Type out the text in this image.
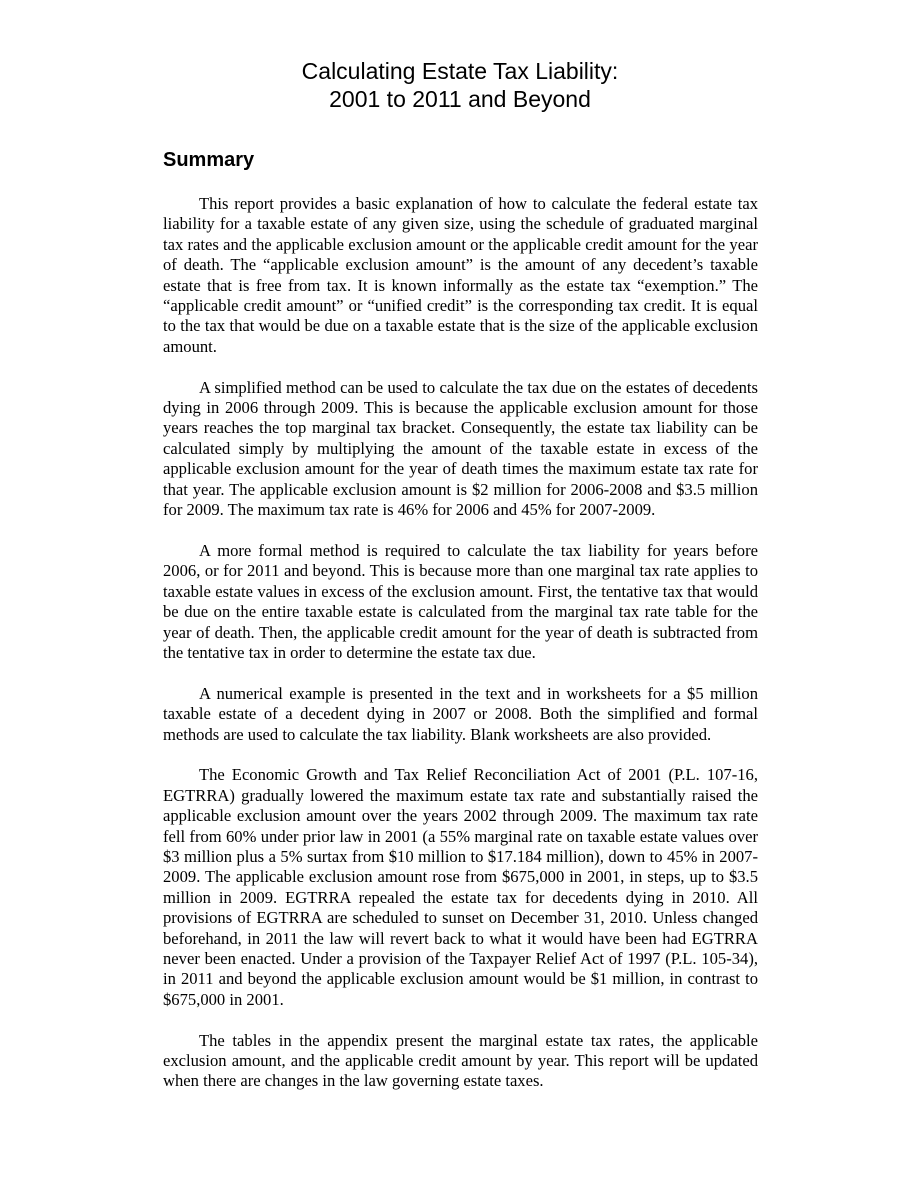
Calculating Estate Tax Liability:
2001 to 2011 and Beyond
Summary

This report provides a basic explanation of how to calculate the federal estate tax liability for a taxable estate of any given size, using the schedule of graduated marginal tax rates and the applicable exclusion amount or the applicable credit amount for the year of death. The “applicable exclusion amount” is the amount of any decedent’s taxable estate that is free from tax. It is known informally as the estate tax “exemption.” The “applicable credit amount” or “unified credit” is the corresponding tax credit. It is equal to the tax that would be due on a taxable estate that is the size of the applicable exclusion amount.

A simplified method can be used to calculate the tax due on the estates of decedents dying in 2006 through 2009. This is because the applicable exclusion amount for those years reaches the top marginal tax bracket. Consequently, the estate tax liability can be calculated simply by multiplying the amount of the taxable estate in excess of the applicable exclusion amount for the year of death times the maximum estate tax rate for that year. The applicable exclusion amount is $2 million for 2006-2008 and $3.5 million for 2009. The maximum tax rate is 46% for 2006 and 45% for 2007-2009.

A more formal method is required to calculate the tax liability for years before 2006, or for 2011 and beyond. This is because more than one marginal tax rate applies to taxable estate values in excess of the exclusion amount. First, the tentative tax that would be due on the entire taxable estate is calculated from the marginal tax rate table for the year of death. Then, the applicable credit amount for the year of death is subtracted from the tentative tax in order to determine the estate tax due.

A numerical example is presented in the text and in worksheets for a $5 million taxable estate of a decedent dying in 2007 or 2008. Both the simplified and formal methods are used to calculate the tax liability. Blank worksheets are also provided.

The Economic Growth and Tax Relief Reconciliation Act of 2001 (P.L. 107-16, EGTRRA) gradually lowered the maximum estate tax rate and substantially raised the applicable exclusion amount over the years 2002 through 2009. The maximum tax rate fell from 60% under prior law in 2001 (a 55% marginal rate on taxable estate values over $3 million plus a 5% surtax from $10 million to $17.184 million), down to 45% in 2007-2009. The applicable exclusion amount rose from $675,000 in 2001, in steps, up to $3.5 million in 2009. EGTRRA repealed the estate tax for decedents dying in 2010. All provisions of EGTRRA are scheduled to sunset on December 31, 2010. Unless changed beforehand, in 2011 the law will revert back to what it would have been had EGTRRA never been enacted. Under a provision of the Taxpayer Relief Act of 1997 (P.L. 105-34), in 2011 and beyond the applicable exclusion amount would be $1 million, in contrast to $675,000 in 2001.

The tables in the appendix present the marginal estate tax rates, the applicable exclusion amount, and the applicable credit amount by year. This report will be updated when there are changes in the law governing estate taxes.
